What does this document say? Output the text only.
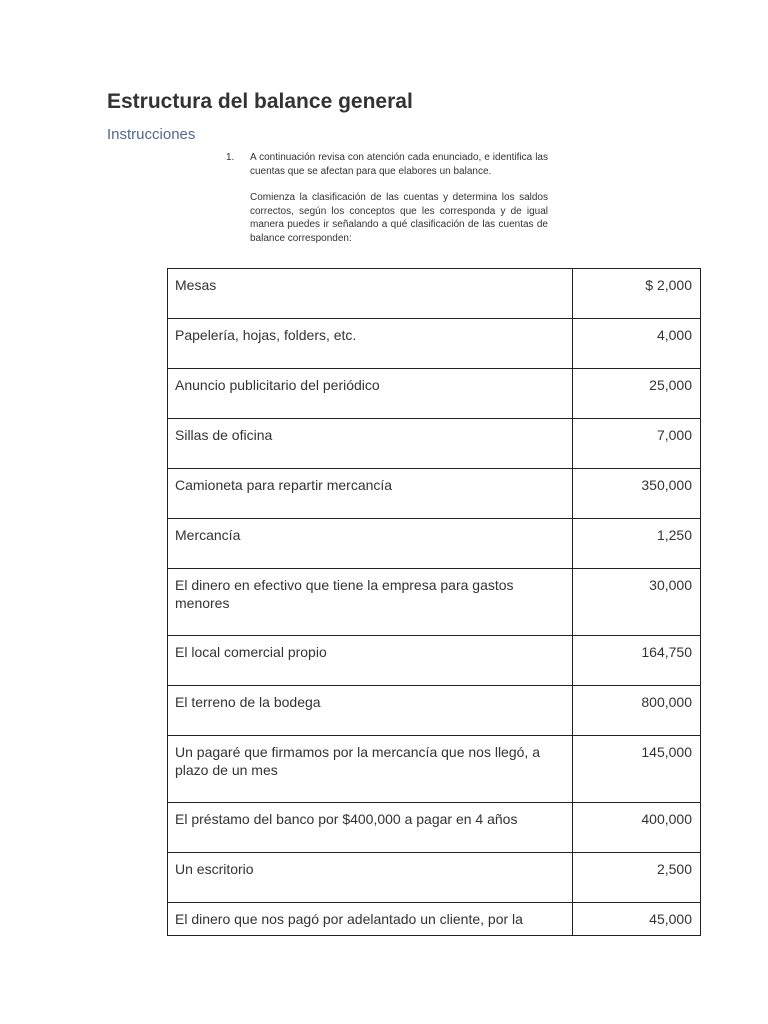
Estructura del balance general
Instrucciones
1.	A continuación revisa con atención cada enunciado, e identifica las cuentas que se afectan para que elabores un balance.
Comienza la clasificación de las cuentas y determina los saldos correctos, según los conceptos que les corresponda y de igual manera puedes ir señalando a qué clasificación de las cuentas de balance corresponden:
Mesas	$ 2,000
Papelería, hojas, folders, etc.	4,000
Anuncio publicitario del periódico	25,000
Sillas de oficina	7,000
Camioneta para repartir mercancía	350,000
Mercancía	1,250
El dinero en efectivo que tiene la empresa para gastos menores	30,000
El local comercial propio	164,750
El terreno de la bodega	800,000
Un pagaré que firmamos por la mercancía que nos llegó, a plazo de un mes	145,000
El préstamo del banco por $400,000 a pagar en 4 años	400,000
Un escritorio	2,500
El dinero que nos pagó por adelantado un cliente, por la	45,000
